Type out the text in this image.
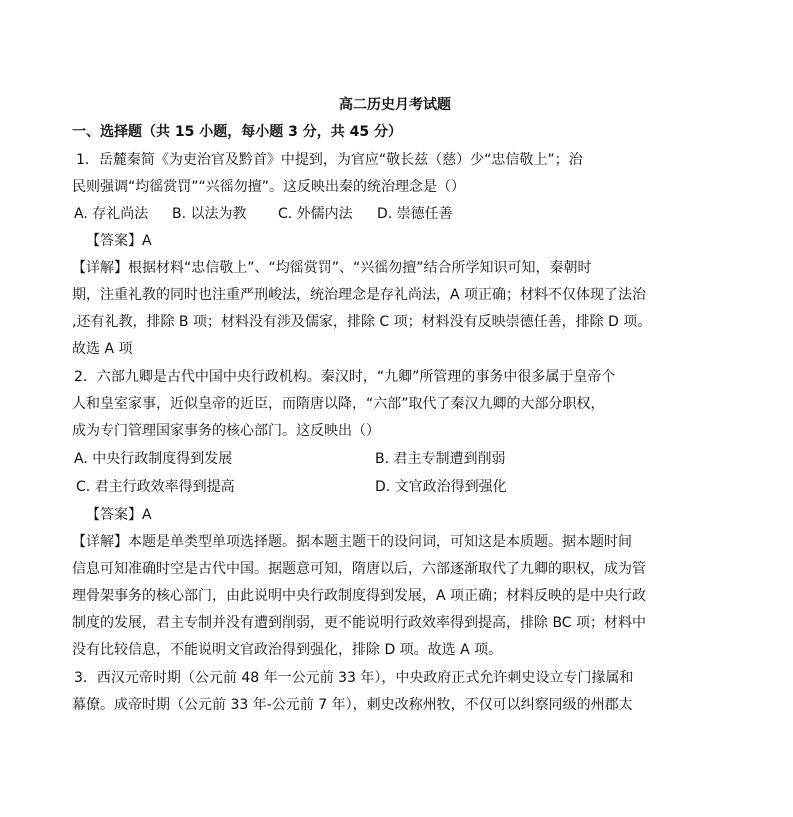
高二历史月考试题
一、选择题（共 15 小题，每小题 3 分，共 45 分）
1．岳麓秦简《为吏治官及黔首》中提到，为官应“敬长兹（慈）少“忠信敬上”；治
民则强调“均徭赏罚”“兴徭勿擅”。这反映出秦的统治理念是（）
A. 存礼尚法 B. 以法为教 C. 外儒内法 D. 崇德任善
【答案】A
【详解】根据材料“忠信敬上”、“均徭赏罚”、“兴徭勿擅”结合所学知识可知，秦朝时
期，注重礼教的同时也注重严刑峻法，统治理念是存礼尚法，A 项正确；材料不仅体现了法治
,还有礼教，排除 B 项；材料没有涉及儒家，排除 C 项；材料没有反映崇德任善，排除 D 项。
故选 A 项
2．六部九卿是古代中国中央行政机构。秦汉时，“九卿”所管理的事务中很多属于皇帝个
人和皇室家事，近似皇帝的近臣，而隋唐以降，“六部”取代了秦汉九卿的大部分职权，
成为专门管理国家事务的核心部门。这反映出（）
A. 中央行政制度得到发展	B. 君主专制遭到削弱
C. 君主行政效率得到提高	D. 文官政治得到强化
【答案】A
【详解】本题是单类型单项选择题。据本题主题干的设问词，可知这是本质题。据本题时间
信息可知准确时空是古代中国。据题意可知，隋唐以后，六部逐渐取代了九卿的职权，成为管
理骨架事务的核心部门，由此说明中央行政制度得到发展，A 项正确；材料反映的是中央行政
制度的发展，君主专制并没有遭到削弱，更不能说明行政效率得到提高，排除 BC 项；材料中
没有比较信息，不能说明文官政治得到强化，排除 D 项。故选 A 项。
3．西汉元帝时期（公元前 48 年一公元前 33 年），中央政府正式允许刺史设立专门掾属和
幕僚。成帝时期（公元前 33 年-公元前 7 年），刺史改称州牧，不仅可以纠察同级的州郡太
